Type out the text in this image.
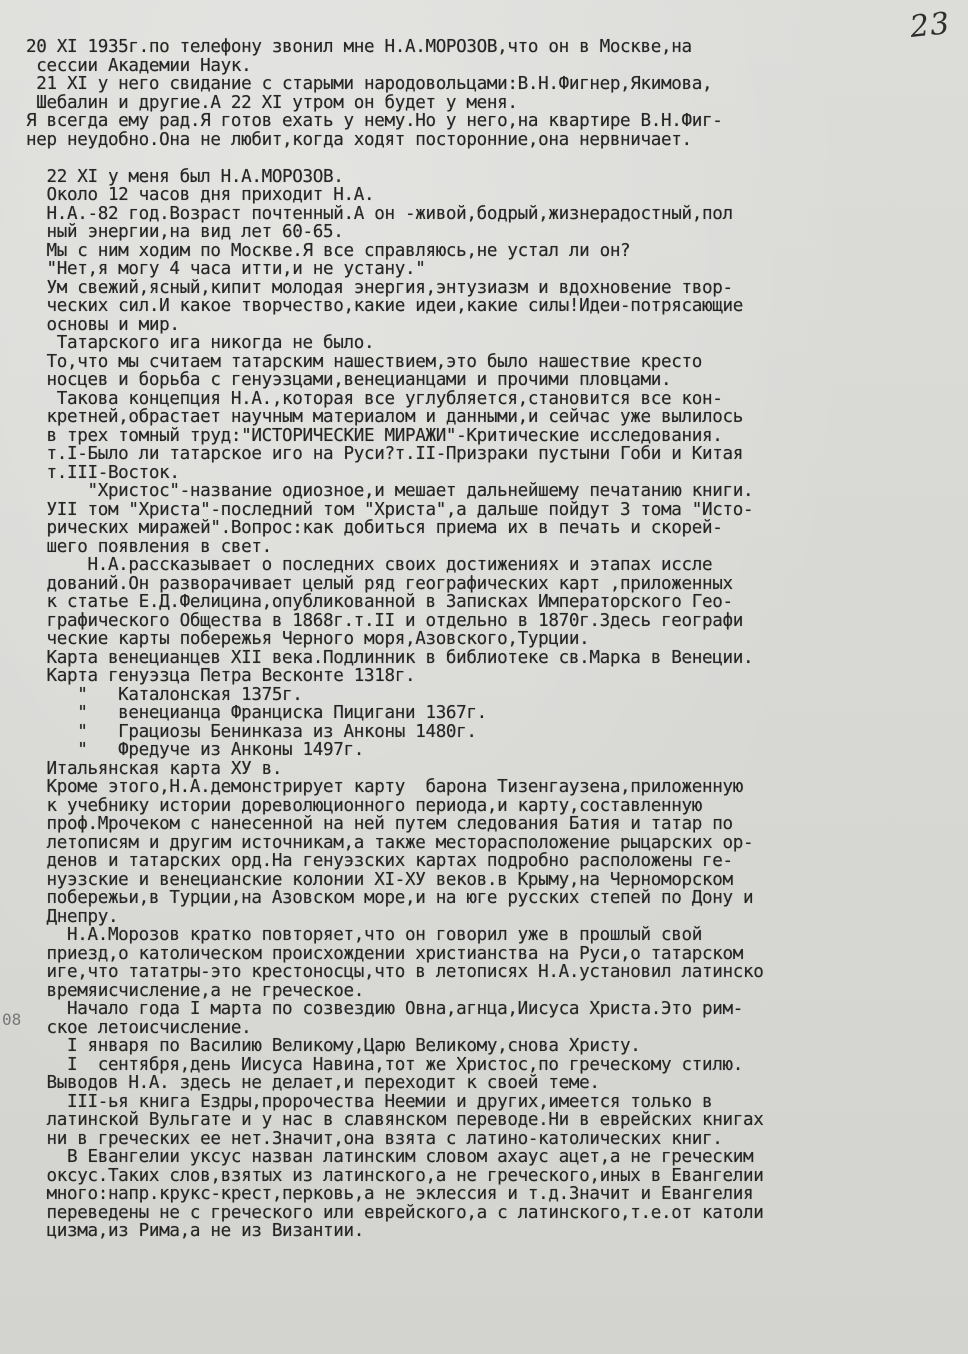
23
08
20 XI 1935г.по телефону звонил мне Н.А.МОРОЗОВ,что он в Москве,на
сессии Академии Наук.
21 XI у него свидание с старыми народовольцами:В.Н.Фигнер,Якимова,
Шебалин и другие.А 22 XI утром он будет у меня.
Я всегда ему рад.Я готов ехать у нему.Но у него,на квартире В.Н.Фиг-
нер неудобно.Она не любит,когда ходят посторонние,она нервничает.
22 XI у меня был Н.А.МОРОЗОВ.
Около 12 часов дня приходит Н.А.
Н.А.-82 год.Возраст почтенный.А он -живой,бодрый,жизнерадостный,пол
ный энергии,на вид лет 60-65.
Мы с ним ходим по Москве.Я все справляюсь,не устал ли он?
"Нет,я могу 4 часа итти,и не устану."
Ум свежий,ясный,кипит молодая энергия,энтузиазм и вдохновение твор-
ческих сил.И какое творчество,какие идеи,какие силы!Идеи-потрясающие
основы и мир.
Татарского ига никогда не было.
То,что мы считаем татарским нашествием,это было нашествие кресто
носцев и борьба с генуэзцами,венецианцами и прочими пловцами.
Такова концепция Н.А.,которая все углубляется,становится все кон-
кретней,обрастает научным материалом и данными,и сейчас уже вылилось
в трех томный труд:"ИСТОРИЧЕСКИЕ МИРАЖИ"-Критические исследования.
т.I-Было ли татарское иго на Руси?т.II-Призраки пустыни Гоби и Китая
т.III-Восток.
"Христос"-название одиозное,и мешает дальнейшему печатанию книги.
УII том "Христа"-последний том "Христа",а дальше пойдут 3 тома "Исто-
рических миражей".Вопрос:как добиться приема их в печать и скорей-
шего появления в свет.
Н.А.рассказывает о последних своих достижениях и этапах иссле
дований.Он разворачивает целый ряд географических карт ,приложенных
к статье Е.Д.Фелицина,опубликованной в Записках Императорского Гео-
графического Общества в 1868г.т.II и отдельно в 1870г.Здесь географи
ческие карты побережья Черного моря,Азовского,Турции.
Карта венецианцев XII века.Подлинник в библиотеке св.Марка в Венеции.
Карта генуэзца Петра Весконте 1318г.
"   Каталонская 1375г.
"   венецианца Франциска Пицигани 1367г.
"   Грациозы Бенинказа из Анконы 1480г.
"   Фредуче из Анконы 1497г.
Итальянская карта ХУ в.
Кроме этого,Н.А.демонстрирует карту  барона Тизенгаузена,приложенную
к учебнику истории дореволюционного периода,и карту,составленную
проф.Мрочеком с нанесенной на ней путем следования Батия и татар по
летописям и другим источникам,а также месторасположение рыцарских ор-
денов и татарских орд.На генуэзских картах подробно расположены ге-
нуэзские и венецианские колонии XI-ХУ веков.в Крыму,на Черноморском
побережьи,в Турции,на Азовском море,и на юге русских степей по Дону и
Днепру.
Н.А.Морозов кратко повторяет,что он говорил уже в прошлый свой
приезд,о католическом происхождении христианства на Руси,о татарском
иге,что тататры-это крестоносцы,что в летописях Н.А.установил латинско
времяисчисление,а не греческое.
Начало года I марта по созвездию Овна,агнца,Иисуса Христа.Это рим-
ское летоисчисление.
I января по Василию Великому,Царю Великому,снова Христу.
I  сентября,день Иисуса Навина,тот же Христос,по греческому стилю.
Выводов Н.А. здесь не делает,и переходит к своей теме.
III-ья книга Ездры,пророчества Неемии и других,имеется только в
латинской Вульгате и у нас в славянском переводе.Ни в еврейских книгах
ни в греческих ее нет.Значит,она взята с латино-католических книг.
В Евангелии уксус назван латинским словом ахаус ацет,а не греческим
оксус.Таких слов,взятых из латинского,а не греческого,иных в Евангелии
много:напр.крукс-крест,перковь,а не эклессия и т.д.Значит и Евангелия
переведены не с греческого или еврейского,а с латинского,т.е.от католи
цизма,из Рима,а не из Византии.
